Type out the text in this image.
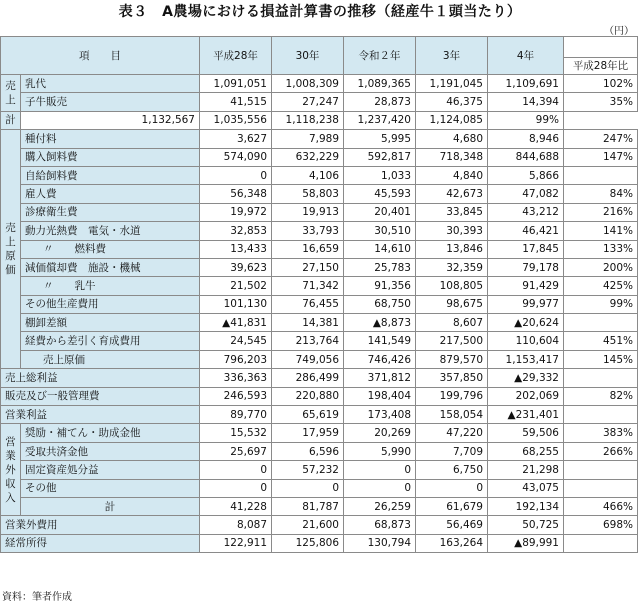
表３　A農場における損益計算書の推移（経産牛１頭当たり）
（円）
項　　目		平成28年	30年	令和２年	3年	4年	
							平成28年比
売上	乳代	1,091,051	1,008,309	1,089,365	1,191,045	1,109,691	102%
	子牛販売	41,515	27,247	28,873	46,375	14,394	35%
計	1,132,567	1,035,556	1,118,238	1,237,420	1,124,085	99%	
売上原価	種付料	3,627	7,989	5,995	4,680	8,946	247%
	購入飼料費	574,090	632,229	592,817	718,348	844,688	147%
	自給飼料費	0	4,106	1,033	4,840	5,866	
	雇人費	56,348	58,803	45,593	42,673	47,082	84%
	診療衛生費	19,972	19,913	20,401	33,845	43,212	216%
	動力光熱費　電気・水道	32,853	33,793	30,510	30,393	46,421	141%
	〃　　燃料費	13,433	16,659	14,610	13,846	17,845	133%
	減価償却費　施設・機械	39,623	27,150	25,783	32,359	79,178	200%
	〃　　乳牛	21,502	71,342	91,356	108,805	91,429	425%
	その他生産費用	101,130	76,455	68,750	98,675	99,977	99%
	棚卸差額	▲41,831	14,381	▲8,873	8,607	▲20,624	
	経費から差引く育成費用	24,545	213,764	141,549	217,500	110,604	451%
	売上原価	796,203	749,056	746,426	879,570	1,153,417	145%
売上総利益		336,363	286,499	371,812	357,850	▲29,332	
販売及び一般管理費		246,593	220,880	198,404	199,796	202,069	82%
営業利益		89,770	65,619	173,408	158,054	▲231,401	
営業外収入	奨励・補てん・助成金他	15,532	17,959	20,269	47,220	59,506	383%
	受取共済金他	25,697	6,596	5,990	7,709	68,255	266%
	固定資産処分益	0	57,232	0	6,750	21,298	
	その他	0	0	0	0	43,075	
	計	41,228	81,787	26,259	61,679	192,134	466%
営業外費用		8,087	21,600	68,873	56,469	50,725	698%
経常所得		122,911	125,806	130,794	163,264	▲89,991	
資料：筆者作成
